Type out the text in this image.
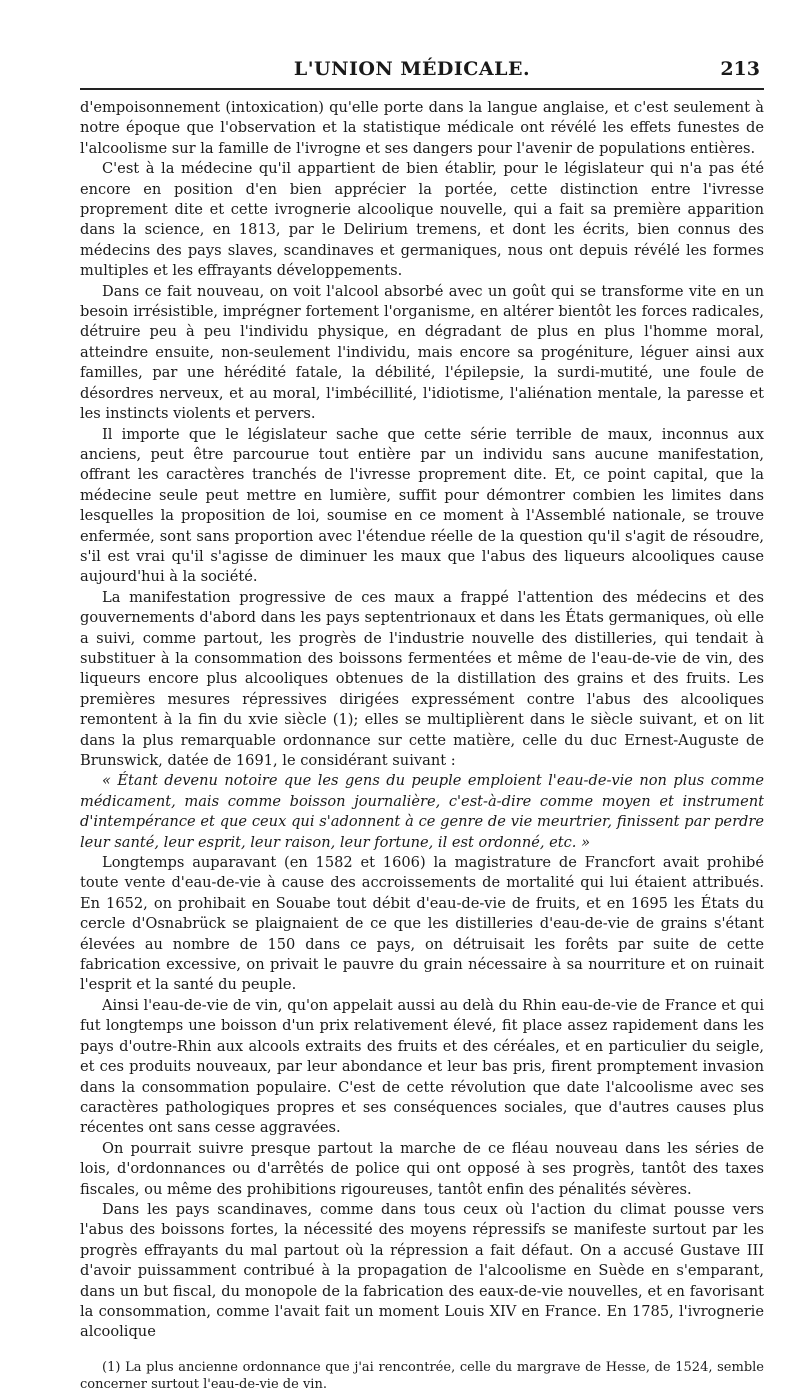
L'UNION MÉDICALE.	213

d'empoisonnement (intoxication) qu'elle porte dans la langue anglaise, et c'est seulement à notre époque que l'observation et la statistique médicale ont révélé les effets funestes de l'alcoolisme sur la famille de l'ivrogne et ses dangers pour l'avenir de populations entières.

C'est à la médecine qu'il appartient de bien établir, pour le législateur qui n'a pas été encore en position d'en bien apprécier la portée, cette distinction entre l'ivresse proprement dite et cette ivrognerie alcoolique nouvelle, qui a fait sa première apparition dans la science, en 1813, par le Delirium tremens, et dont les écrits, bien connus des médecins des pays slaves, scandinaves et germaniques, nous ont depuis révélé les formes multiples et les effrayants développements.

Dans ce fait nouveau, on voit l'alcool absorbé avec un goût qui se transforme vite en un besoin irrésistible, imprégner fortement l'organisme, en altérer bientôt les forces radicales, détruire peu à peu l'individu physique, en dégradant de plus en plus l'homme moral, atteindre ensuite, non-seulement l'individu, mais encore sa progéniture, léguer ainsi aux familles, par une hérédité fatale, la débilité, l'épilepsie, la surdi-mutité, une foule de désordres nerveux, et au moral, l'imbécillité, l'idiotisme, l'aliénation mentale, la paresse et les instincts violents et pervers.

Il importe que le législateur sache que cette série terrible de maux, inconnus aux anciens, peut être parcourue tout entière par un individu sans aucune manifestation, offrant les caractères tranchés de l'ivresse proprement dite. Et, ce point capital, que la médecine seule peut mettre en lumière, suffit pour démontrer combien les limites dans lesquelles la proposition de loi, soumise en ce moment à l'Assemblé nationale, se trouve enfermée, sont sans proportion avec l'étendue réelle de la question qu'il s'agit de résoudre, s'il est vrai qu'il s'agisse de diminuer les maux que l'abus des liqueurs alcooliques cause aujourd'hui à la société.

La manifestation progressive de ces maux a frappé l'attention des médecins et des gouvernements d'abord dans les pays septentrionaux et dans les États germaniques, où elle a suivi, comme partout, les progrès de l'industrie nouvelle des distilleries, qui tendait à substituer à la consommation des boissons fermentées et même de l'eau-de-vie de vin, des liqueurs encore plus alcooliques obtenues de la distillation des grains et des fruits. Les premières mesures répressives dirigées expressément contre l'abus des alcooliques remontent à la fin du xvie siècle (1); elles se multiplièrent dans le siècle suivant, et on lit dans la plus remarquable ordonnance sur cette matière, celle du duc Ernest-Auguste de Brunswick, datée de 1691, le considérant suivant :

« Étant devenu notoire que les gens du peuple emploient l'eau-de-vie non plus comme médicament, mais comme boisson journalière, c'est-à-dire comme moyen et instrument d'intempérance et que ceux qui s'adonnent à ce genre de vie meurtrier, finissent par perdre leur santé, leur esprit, leur raison, leur fortune, il est ordonné, etc. »

Longtemps auparavant (en 1582 et 1606) la magistrature de Francfort avait prohibé toute vente d'eau-de-vie à cause des accroissements de mortalité qui lui étaient attribués. En 1652, on prohibait en Souabe tout débit d'eau-de-vie de fruits, et en 1695 les États du cercle d'Osnabrück se plaignaient de ce que les distilleries d'eau-de-vie de grains s'étant élevées au nombre de 150 dans ce pays, on détruisait les forêts par suite de cette fabrication excessive, on privait le pauvre du grain nécessaire à sa nourriture et on ruinait l'esprit et la santé du peuple.

Ainsi l'eau-de-vie de vin, qu'on appelait aussi au delà du Rhin eau-de-vie de France et qui fut longtemps une boisson d'un prix relativement élevé, fit place assez rapidement dans les pays d'outre-Rhin aux alcools extraits des fruits et des céréales, et en particulier du seigle, et ces produits nouveaux, par leur abondance et leur bas pris, firent promptement invasion dans la consommation populaire. C'est de cette révolution que date l'alcoolisme avec ses caractères pathologiques propres et ses conséquences sociales, que d'autres causes plus récentes ont sans cesse aggravées.

On pourrait suivre presque partout la marche de ce fléau nouveau dans les séries de lois, d'ordonnances ou d'arrêtés de police qui ont opposé à ses progrès, tantôt des taxes fiscales, ou même des prohibitions rigoureuses, tantôt enfin des pénalités sévères.

Dans les pays scandinaves, comme dans tous ceux où l'action du climat pousse vers l'abus des boissons fortes, la nécessité des moyens répressifs se manifeste surtout par les progrès effrayants du mal partout où la répression a fait défaut. On a accusé Gustave III d'avoir puissamment contribué à la propagation de l'alcoolisme en Suède en s'emparant, dans un but fiscal, du monopole de la fabrication des eaux-de-vie nouvelles, et en favorisant la consommation, comme l'avait fait un moment Louis XIV en France. En 1785, l'ivrognerie alcoolique

(1) La plus ancienne ordonnance que j'ai rencontrée, celle du margrave de Hesse, de 1524, semble concerner surtout l'eau-de-vie de vin.
